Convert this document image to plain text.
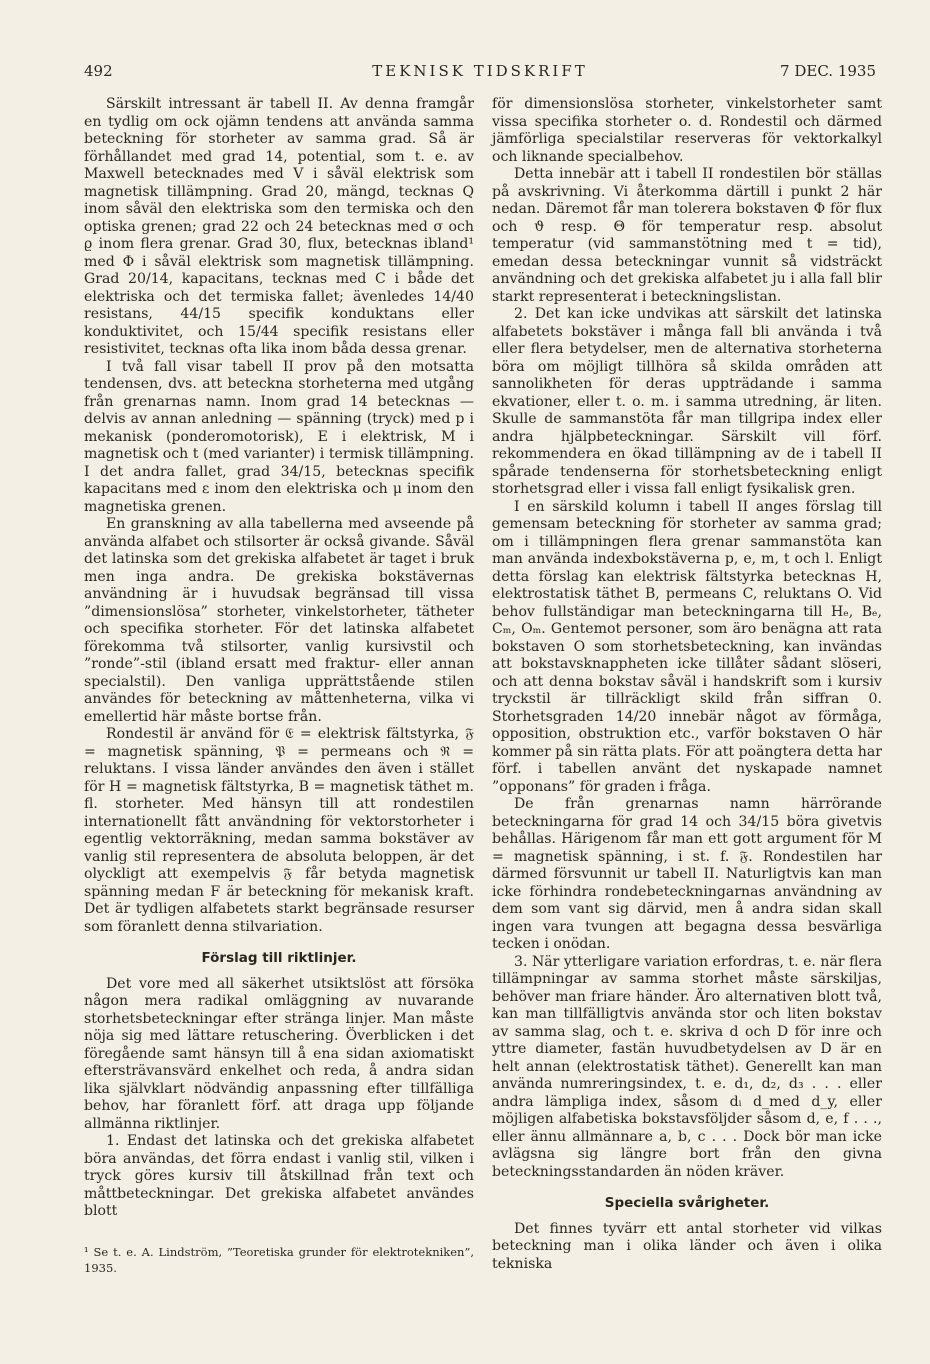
492	TEKNISK TIDSKRIFT	7 DEC. 1935

Särskilt intressant är tabell II. Av denna framgår en tydlig om ock ojämn tendens att använda samma beteckning för storheter av samma grad. Så är förhållandet med grad 14, potential, som t. e. av Maxwell betecknades med V i såväl elektrisk som magnetisk tillämpning. Grad 20, mängd, tecknas Q inom såväl den elektriska som den termiska och den optiska grenen; grad 22 och 24 betecknas med σ och ϱ inom flera grenar. Grad 30, flux, betecknas ibland¹ med Φ i såväl elektrisk som magnetisk tillämpning. Grad 20/14, kapacitans, tecknas med C i både det elektriska och det termiska fallet; ävenledes 14/40 resistans, 44/15 specifik konduktans eller konduktivitet, och 15/44 specifik resistans eller resistivitet, tecknas ofta lika inom båda dessa grenar.

I två fall visar tabell II prov på den motsatta tendensen, dvs. att beteckna storheterna med utgång från grenarnas namn. Inom grad 14 betecknas — delvis av annan anledning — spänning (tryck) med p i mekanisk (ponderomotorisk), E i elektrisk, M i magnetisk och t (med varianter) i termisk tillämpning. I det andra fallet, grad 34/15, betecknas specifik kapacitans med ε inom den elektriska och μ inom den magnetiska grenen.

En granskning av alla tabellerna med avseende på använda alfabet och stilsorter är också givande. Såväl det latinska som det grekiska alfabetet är taget i bruk men inga andra. De grekiska bokstävernas användning är i huvudsak begränsad till vissa ”dimensionslösa” storheter, vinkelstorheter, tätheter och specifika storheter. För det latinska alfabetet förekomma två stilsorter, vanlig kursivstil och ”ronde”-stil (ibland ersatt med fraktur- eller annan specialstil). Den vanliga upprättstående stilen användes för beteckning av måttenheterna, vilka vi emellertid här måste bortse från.

Rondestil är använd för 𝔈 = elektrisk fältstyrka, 𝔉 = magnetisk spänning, 𝔓 = permeans och ℜ = reluktans. I vissa länder användes den även i stället för H = magnetisk fältstyrka, B = magnetisk täthet m. fl. storheter. Med hänsyn till att rondestilen internationellt fått användning för vektorstorheter i egentlig vektorräkning, medan samma bokstäver av vanlig stil representera de absoluta beloppen, är det olyckligt att exempelvis 𝔉 får betyda magnetisk spänning medan F är beteckning för mekanisk kraft. Det är tydligen alfabetets starkt begränsade resurser som föranlett denna stilvariation.

Förslag till riktlinjer.

Det vore med all säkerhet utsiktslöst att försöka någon mera radikal omläggning av nuvarande storhetsbeteckningar efter stränga linjer. Man måste nöja sig med lättare retuschering. Överblicken i det föregående samt hänsyn till å ena sidan axiomatiskt eftersträvansvärd enkelhet och reda, å andra sidan lika självklart nödvändig anpassning efter tillfälliga behov, har föranlett förf. att draga upp följande allmänna riktlinjer.

1. Endast det latinska och det grekiska alfabetet böra användas, det förra endast i vanlig stil, vilken i tryck göres kursiv till åtskillnad från text och måttbeteckningar. Det grekiska alfabetet användes blott

¹ Se t. e. A. Lindström, ”Teoretiska grunder för elektrotekniken”, 1935.

för dimensionslösa storheter, vinkelstorheter samt vissa specifika storheter o. d. Rondestil och därmed jämförliga specialstilar reserveras för vektorkalkyl och liknande specialbehov.

Detta innebär att i tabell II rondestilen bör ställas på avskrivning. Vi återkomma därtill i punkt 2 här nedan. Däremot får man tolerera bokstaven Φ för flux och ϑ resp. Θ för temperatur resp. absolut temperatur (vid sammanstötning med t = tid), emedan dessa beteckningar vunnit så vidsträckt användning och det grekiska alfabetet ju i alla fall blir starkt representerat i beteckningslistan.

2. Det kan icke undvikas att särskilt det latinska alfabetets bokstäver i många fall bli använda i två eller flera betydelser, men de alternativa storheterna böra om möjligt tillhöra så skilda områden att sannolikheten för deras uppträdande i samma ekvationer, eller t. o. m. i samma utredning, är liten. Skulle de sammanstöta får man tillgripa index eller andra hjälpbeteckningar. Särskilt vill förf. rekommendera en ökad tillämpning av de i tabell II spårade tendenserna för storhetsbeteckning enligt storhetsgrad eller i vissa fall enligt fysikalisk gren.

I en särskild kolumn i tabell II anges förslag till gemensam beteckning för storheter av samma grad; om i tillämpningen flera grenar sammanstöta kan man använda indexbokstäverna p, e, m, t och l. Enligt detta förslag kan elektrisk fältstyrka betecknas H, elektrostatisk täthet B, permeans C, reluktans O. Vid behov fullständigar man beteckningarna till Hₑ, Bₑ, Cₘ, Oₘ. Gentemot personer, som äro benägna att rata bokstaven O som storhetsbeteckning, kan invändas att bokstavsknappheten icke tillåter sådant slöseri, och att denna bokstav såväl i handskrift som i kursiv tryckstil är tillräckligt skild från siffran 0. Storhetsgraden 14/20 innebär något av förmåga, opposition, obstruktion etc., varför bokstaven O här kommer på sin rätta plats. För att poängtera detta har förf. i tabellen använt det nyskapade namnet ”opponans” för graden i fråga.

De från grenarnas namn härrörande beteckningarna för grad 14 och 34/15 böra givetvis behållas. Härigenom får man ett gott argument för M = magnetisk spänning, i st. f. 𝔉. Rondestilen har därmed försvunnit ur tabell II. Naturligtvis kan man icke förhindra rondebeteckningarnas användning av dem som vant sig därvid, men å andra sidan skall ingen vara tvungen att begagna dessa besvärliga tecken i onödan.

3. När ytterligare variation erfordras, t. e. när flera tillämpningar av samma storhet måste särskiljas, behöver man friare händer. Äro alternativen blott två, kan man tillfälligtvis använda stor och liten bokstav av samma slag, och t. e. skriva d och D för inre och yttre diameter, fastän huvudbetydelsen av D är en helt annan (elektrostatisk täthet). Generellt kan man använda numreringsindex, t. e. d₁, d₂, d₃ . . . eller andra lämpliga index, såsom dᵢ d_med d_y, eller möjligen alfabetiska bokstavsföljder såsom d, e, f . . ., eller ännu allmännare a, b, c . . . Dock bör man icke avlägsna sig längre bort från den givna beteckningsstandarden än nöden kräver.

Speciella svårigheter.

Det finnes tyvärr ett antal storheter vid vilkas beteckning man i olika länder och även i olika tekniska
